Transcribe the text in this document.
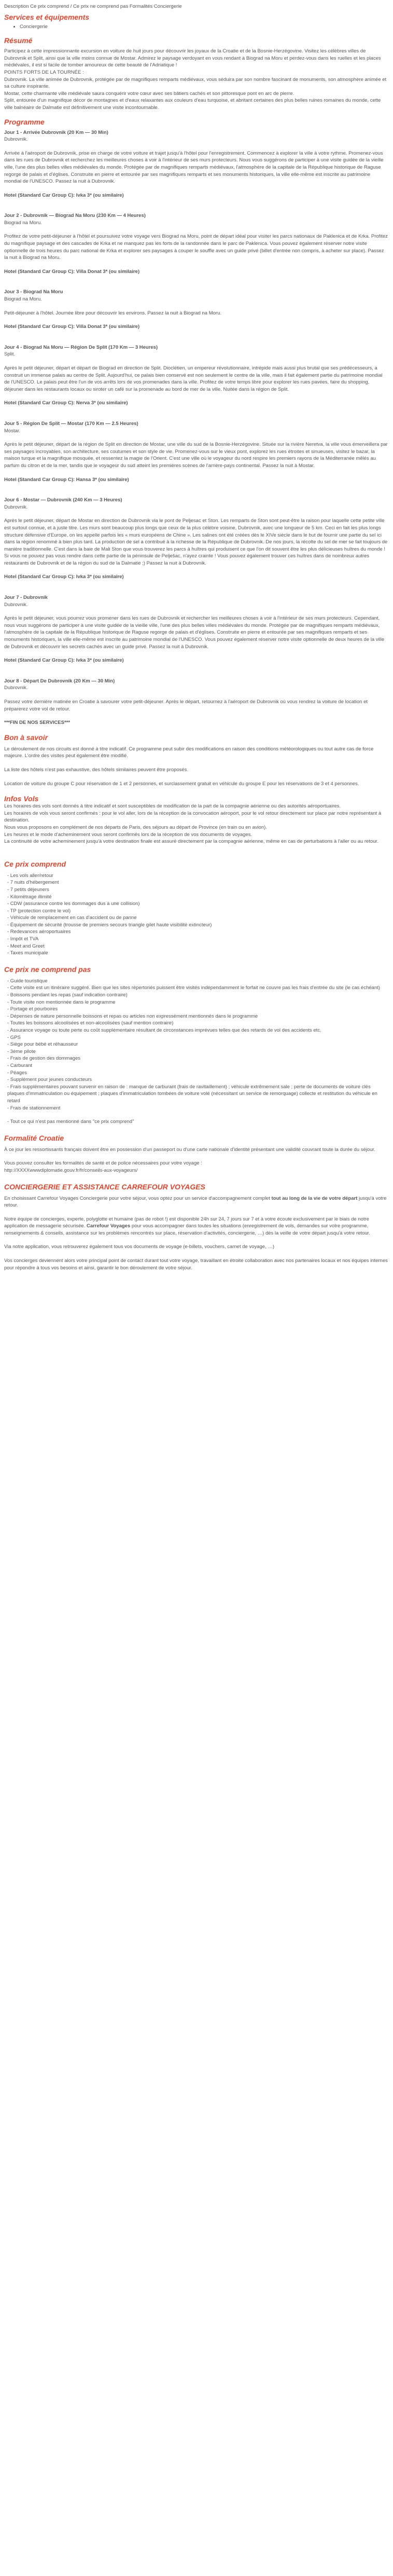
Description Ce prix comprend / Ce prix ne comprend pas Formalités Conciergerie

Services et équipements
• Conciergerie
Résumé

Participez à cette impressionnante excursion en voiture de huit jours pour découvrir les joyaux de la Croatie et de la Bosnie-Herzégovine. Visitez les célèbres villes de Dubrovnik et Split, ainsi que la ville moins connue de Mostar. Admirez le paysage verdoyant en vous rendant à Biograd na Moru et perdez-vous dans les ruelles et les places médiévales, il est si facile de tomber amoureux de cette beauté de l'Adriatique !

POINTS FORTS DE LA TOURNÉE :

Dubrovnik. La ville animée de Dubrovnik, protégée par de magnifiques remparts médiévaux, vous séduira par son nombre fascinant de monuments, son atmosphère animée et sa culture inspirante.

Mostar, cette charmante ville médiévale saura conquérir votre cœur avec ses bâtiers cachés et son pittoresque pont en arc de pierre.

Split, entourée d'un magnifique décor de montagnes et d'eaux relaxantes aux couleurs d'eau turquoise, et abritant certaines des plus belles ruines romaines du monde, cette ville balnéaire de Dalmatie est définitivement une visite incontournable.

Programme

Jour 1 - Arrivée Dubrovnik (20 Km — 30 Min)

Dubrovnik.

Arrivée à l'aéroport de Dubrovnik, prise en charge de votre voiture et trajet jusqu'à l'hôtel pour l'enregistrement. Commencez à explorer la ville à votre rythme. Promenez-vous dans les rues de Dubrovnik et recherchez les meilleures choses à voir à l'intérieur de ses murs protecteurs. Nous vous suggérons de participer à une visite guidée de la vieille ville, l'une des plus belles villes médiévales du monde. Protégée par de magnifiques remparts médiévaux, l'atmosphère de la capitale de la République historique de Raguse regorge de palais et d'églises. Construite en pierre et entourée par ses magnifiques remparts et ses monuments historiques, la ville elle-même est inscrite au patrimoine mondial de l'UNESCO. Passez la nuit à Dubrovnik.

Hotel (Standard Car Group C): Ivka 3* (ou similaire)

Jour 2 - Dubrovnik — Biograd Na Moru (230 Km — 4 Heures)

Biograd na Moru.

Profitez de votre petit-déjeuner à l'hôtel et poursuivez votre voyage vers Biograd na Moru, point de départ idéal pour visiter les parcs nationaux de Paklenica et de Krka. Profitez du magnifique paysage et des cascades de Krka et ne manquez pas les forts de la randonnée dans le parc de Paklenica. Vous pouvez également réserver notre visite optionnelle de trois heures du parc national de Krka et explorer ses paysages à couper le souffle avec un guide privé (billet d'entrée non compris, à acheter sur place). Passez la nuit à Biograd na Moru.

Hotel (Standard Car Group C): Villa Donat 3* (ou similaire)

Jour 3 - Biograd Na Moru

Biograd na Moru.

Petit-déjeuner à l'hôtel. Journée libre pour découvrir les environs. Passez la nuit à Biograd na Moru.

Hotel (Standard Car Group C): Villa Donat 3* (ou similaire)

Jour 4 - Biograd Na Moru — Région De Split (170 Km — 3 Heures)

Split.

Après le petit déjeuner, départ et départ de Biograd en direction de Split. Dioclétien, un empereur révolutionnaire, intrépide mais aussi plus brutal que ses prédécesseurs, a construit un immense palais au centre de Split. Aujourd'hui, ce palais bien conservé est non seulement le centre de la ville, mais il fait également partie du patrimoine mondial de l'UNESCO. Le palais peut être l'un de vos arrêts lors de vos promenades dans la ville. Profitez de votre temps libre pour explorer les rues pavées, faire du shopping, déjeuner dans les restaurants locaux ou siroter un café sur la promenade au bord de mer de la ville. Nuitée dans la région de Split.

Hotel (Standard Car Group C): Nerva 3* (ou similaire)

Jour 5 - Région De Split — Mostar (170 Km — 2.5 Heures)

Mostar.

Après le petit déjeuner, départ de la région de Split en direction de Mostar, une ville du sud de la Bosnie-Herzégovine. Située sur la rivière Neretva, la ville vous émerveillera par ses paysages incroyables, son architecture, ses coutumes et son style de vie. Promenez-vous sur le vieux pont, explorez les rues étroites et sinueuses, visitez le bazar, la maison turque et la magnifique mosquée, et ressentez la magie de l'Orient. C'est une ville où le voyageur du nord respire les premiers rayons de la Méditerranée mêlés au parfum du citron et de la mer, tandis que le voyageur du sud atteint les premières scènes de l'arrière-pays continental. Passez la nuit à Mostar.

Hotel (Standard Car Group C): Hansa 3* (ou similaire)

Jour 6 - Mostar — Dubrovnik (240 Km — 3 Heures)

Dubrovnik.

Après le petit déjeuner, départ de Mostar en direction de Dubrovnik via le pont de Peljesac et Ston. Les remparts de Ston sont peut-être la raison pour laquelle cette petite ville est surtout connue, et à juste titre. Les murs sont beaucoup plus longs que ceux de la plus célèbre voisine, Dubrovnik, avec une longueur de 5 km. Ceci en fait les plus longs structure défensive d'Europe, on les appelle parfois les « murs européens de Chine ». Les salines ont été créées dès le XIVe siècle dans le but de fournir une partie du sel ici dans la région renommé à bien plus tard. La production de sel a contribué à la richesse de la République de Dubrovnik. De nos jours, la récolte du sel de mer se fait toujours de manière traditionnelle. C'est dans la baie de Mali Ston que vous trouverez les parcs à huîtres qui produisent ce que l'on dit souvent être les plus délicieuses huîtres du monde ! Si vous ne pouvez pas vous rendre dans cette partie de la péninsule de Pelješac, n'ayez crainte ! Vous pouvez également trouver ces huîtres dans de nombreux autres restaurants de Dubrovnik et de la région du sud de la Dalmatie ;) Passez la nuit à Dubrovnik.

Hotel (Standard Car Group C): Ivka 3* (ou similaire)

Jour 7 - Dubrovnik

Dubrovnik.

Après le petit déjeuner, vous pourrez vous promener dans les rues de Dubrovnik et rechercher les meilleures choses à voir à l'intérieur de ses murs protecteurs. Cependant, nous vous suggérons de participer à une visite guidée de la vieille ville, l'une des plus belles villes médiévales du monde. Protégée par de magnifiques remparts médiévaux, l'atmosphère de la capitale de la République historique de Raguse regorge de palais et d'églises. Construite en pierre et entourée par ses magnifiques remparts et ses monuments historiques, la ville elle-même est inscrite au patrimoine mondial de l'UNESCO. Vous pouvez également réserver notre visite optionnelle de deux heures de la ville de Dubrovnik et découvrir les secrets cachés avec un guide privé. Passez la nuit à Dubrovnik.

Hotel (Standard Car Group C): Ivka 3* (ou similaire)

Jour 8 - Départ De Dubrovnik (20 Km — 30 Min)

Dubrovnik.

Passez votre dernière matinée en Croatie à savourer votre petit-déjeuner. Après le départ, retournez à l'aéroport de Dubrovnik où vous rendrez la voiture de location et préparerez votre vol de retour.

***FIN DE NOS SERVICES***

Bon à savoir

Le déroulement de nos circuits est donné à titre indicatif. Ce programme peut subir des modifications en raison des conditions météorologiques ou tout autre cas de force majeure. L'ordre des visites peut également être modifié.

La liste des hôtels n'est pas exhaustive, des hôtels similaires peuvent être proposés.

Location de voiture du groupe C pour réservation de 1 et 2 personnes, et surclassement gratuit en véhicule du groupe E pour les réservations de 3 et 4 personnes.

Infos Vols

Les horaires des vols sont donnés à titre indicatif et sont susceptibles de modification de la part de la compagnie aérienne ou des autorités aéroportuaires.

Les horaires de vols vous seront confirmés : pour le vol aller, lors de la réception de la convocation aéroport, pour le vol retour directement sur place par notre représentant à destination.

Nous vous proposons en complément de nos départs de Paris, des séjours au départ de Province (en train ou en avion).

Les heures et le mode d'acheminement vous seront confirmés lors de la réception de vos documents de voyages.

La continuité de votre acheminement jusqu'à votre destination finale est assuré directement par la compagnie aérienne, même en cas de perturbations à l'aller ou au retour.

Ce prix comprend

- Les vols aller/retour

- 7 nuits d'hébergement

- 7 petits déjeuners

- Kilométrage illimité

- CDW (assurance contre les dommages dus à une collision)

- TP (protection contre le vol)

- Véhicule de remplacement en cas d'accident ou de panne

- Équipement de sécurité (trousse de premiers secours triangle gilet haute visibilité extincteur)

- Redevances aéroportuaires

- Impôt et TVA

- Meet and Greet

- Taxes municipale

Ce prix ne comprend pas

- Guide touristique

- Cette visite est un itinéraire suggéré. Bien que les sites répertoriés puissent être visités indépendamment le forfait ne couvre pas les frais d'entrée du site (le cas échéant)

- Boissons pendant les repas (sauf indication contraire)

- Toute visite non mentionnée dans le programme

- Portage et pourboires

- Dépenses de nature personnelle boissons et repas ou articles non expressément mentionnés dans le programme

- Toutes les boissons alcoolisées et non-alcoolisées (sauf mention contraire)

- Assurance voyage ou toute perte ou coût supplémentaire résultant de circonstances imprévues telles que des retards de vol des accidents etc.

- GPS

- Siège pour bébé et réhausseur

- 3ème pilote

- Frais de gestion des dommages

- Carburant

- Péages

- Supplément pour jeunes conducteurs

- Frais supplémentaires pouvant survenir en raison de : manque de carburant (frais de ravitaillement) ; véhicule extrêmement sale ; perte de documents de voiture clés plaques d'immatriculation ou équipement ; plaques d'immatriculation tombées de voiture volé (nécessitant un service de remorquage) collecte et restitution du véhicule en retard

- Frais de stationnement

- Tout ce qui n'est pas mentionné dans "ce prix comprend"

Formalité Croatie

À ce jour les ressortissants français doivent être en possession d'un passeport ou d'une carte nationale d'identité présentant une validité couvrant toute la durée du séjour.

Vous pouvez consulter les formalités de santé et de police nécessaires pour votre voyage :

http://XXXXwwwdiplomatie.gouv.fr/fr/conseils-aux-voyageurs/

CONCIERGERIE ET ASSISTANCE CARREFOUR VOYAGES

En choisissant Carrefour Voyages Conciergerie pour votre séjour, vous optez pour un service d'accompagnement complet tout au long de la vie de votre départ jusqu'à votre retour.

Notre équipe de concierges, experte, polyglotte et humaine (pas de robot !) est disponible 24h sur 24, 7 jours sur 7 et à votre écoute exclusivement par le biais de notre application de messagerie sécurisée. Carrefour Voyages pour vous accompagner dans toutes les situations (enregistrement de vols, demandes sur votre programme, renseignements & conseils, assistance sur les problèmes rencontrés sur place, réservation d'activités, conciergerie, …) dès la veille de votre départ jusqu'à votre retour.

Via notre application, vous retrouverez également tous vos documents de voyage (e-billets, vouchers, carnet de voyage, …)

Vos concierges deviennent alors votre principal point de contact durant tout votre voyage, travaillant en étroite collaboration avec nos partenaires locaux et nos équipes internes pour répondre à tous vos besoins et ainsi, garantir le bon déroulement de votre séjour.
